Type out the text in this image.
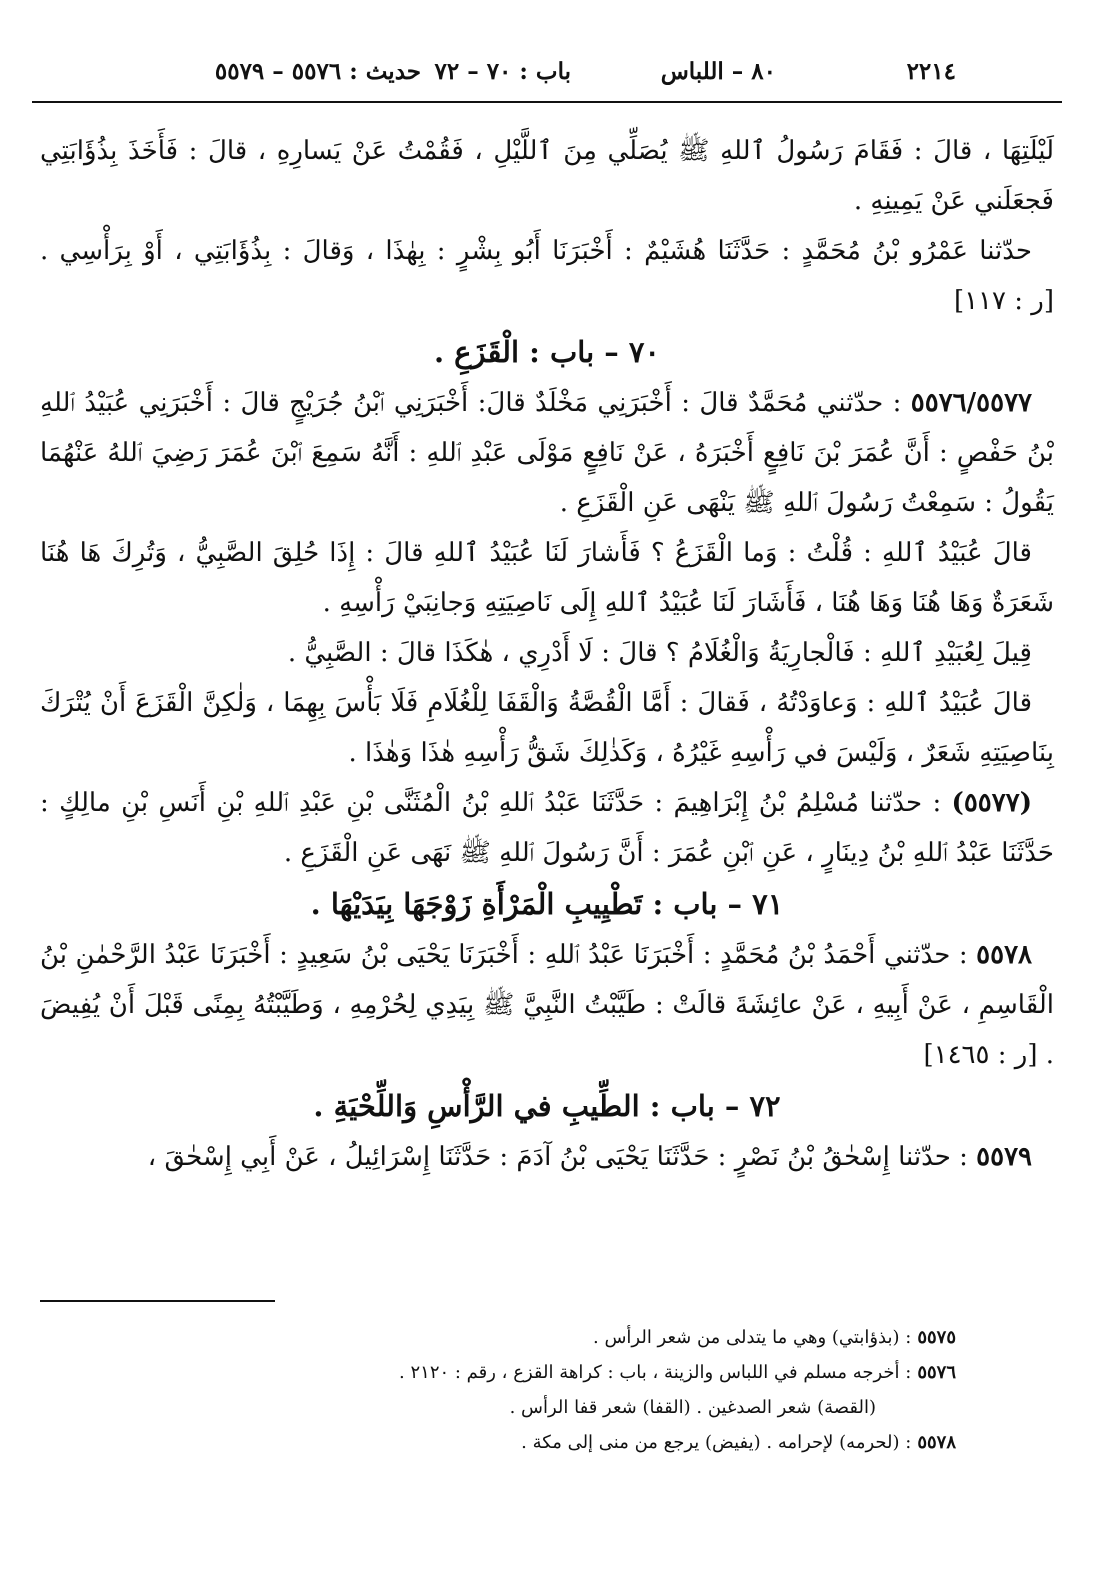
٢٢١٤
٨٠ – اللباس
باب : ٧٠ – ٧٢
حديث : ٥٥٧٦ – ٥٥٧٩

لَيْلَتِهَا ، قالَ : فَقَامَ رَسُولُ ٱللهِ ﷺ يُصَلِّي مِنَ ٱللَّيْلِ ، فَقُمْتُ عَنْ يَسارِهِ ، قالَ : فَأَخَذَ بِذُؤَابَتِي فَجعَلَني عَنْ يَمِينِهِ .

حدّثنا عَمْرُو بْنُ مُحَمَّدٍ : حَدَّثَنَا هُشَيْمٌ : أَخْبَرَنَا أَبُو بِشْرٍ : بِهٰذَا ، وَقالَ : بِذُؤَابَتِي ، أَوْ بِرَأْسِي . [ر : ١١٧]

٧٠ – باب : الْقَزَعِ .

٥٥٧٦/٥٥٧٧ : حدّثني مُحَمَّدٌ قالَ : أَخْبَرَنِي مَخْلَدٌ قالَ: أَخْبَرَنِي ٱبْنُ جُرَيْجٍ قالَ : أَخْبَرَنِي عُبَيْدُ ٱللهِ بْنُ حَفْصٍ : أَنَّ عُمَرَ بْنَ نَافِعٍ أَخْبَرَهُ ، عَنْ نَافِعٍ مَوْلَى عَبْدِ ٱللهِ : أَنَّهُ سَمِعَ ٱبْنَ عُمَرَ رَضِيَ ٱللهُ عَنْهُمَا يَقُولُ : سَمِعْتُ رَسُولَ ٱللهِ ﷺ يَنْهَى عَنِ الْقَزَعِ .

قالَ عُبَيْدُ ٱللهِ : قُلْتُ : وَما الْقَزَعُ ؟ فَأَشارَ لَنَا عُبَيْدُ ٱللهِ قالَ : إِذَا حُلِقَ الصَّبِيُّ ، وَتُرِكَ هَا هُنَا شَعَرَةٌ وَهَا هُنَا وَهَا هُنَا ، فَأَشَارَ لَنَا عُبَيْدُ ٱللهِ إِلَى نَاصِيَتِهِ وَجانِبَيْ رَأْسِهِ .

قِيلَ لِعُبَيْدِ ٱللهِ : فَالْجارِيَةُ وَالْغُلَامُ ؟ قالَ : لَا أَدْرِي ، هٰكَذَا قالَ : الصَّبِيُّ .

قالَ عُبَيْدُ ٱللهِ : وَعاوَدْتُهُ ، فَقالَ : أَمَّا الْقُصَّةُ وَالْقَفَا لِلْغُلَامِ فَلَا بَأْسَ بِهِمَا ، وَلٰكِنَّ الْقَزَعَ أَنْ يُتْرَكَ بِنَاصِيَتِهِ شَعَرٌ ، وَلَيْسَ في رَأْسِهِ غَيْرُهُ ، وَكَذٰلِكَ شَقُّ رَأْسِهِ هٰذَا وَهٰذَا .

(٥٥٧٧) : حدّثنا مُسْلِمُ بْنُ إِبْرَاهِيمَ : حَدَّثَنَا عَبْدُ ٱللهِ بْنُ الْمُثَنَّى بْنِ عَبْدِ ٱللهِ بْنِ أَنَسِ بْنِ مالِكٍ : حَدَّثَنَا عَبْدُ ٱللهِ بْنُ دِينَارٍ ، عَنِ ٱبْنِ عُمَرَ : أَنَّ رَسُولَ ٱللهِ ﷺ نَهَى عَنِ الْقَزَعِ .

٧١ – باب : تَطْيِيبِ الْمَرْأَةِ زَوْجَهَا بِيَدَيْهَا .

٥٥٧٨ : حدّثني أَحْمَدُ بْنُ مُحَمَّدٍ : أَخْبَرَنَا عَبْدُ ٱللهِ : أَخْبَرَنَا يَحْيَى بْنُ سَعِيدٍ : أَخْبَرَنَا عَبْدُ الرَّحْمٰنِ بْنُ الْقَاسِمِ ، عَنْ أَبِيهِ ، عَنْ عائِشَةَ قالَتْ : طَيَّبْتُ النَّبِيَّ ﷺ بِيَدِي لِحُرْمِهِ ، وَطَيَّبْتُهُ بِمِنًى قَبْلَ أَنْ يُفِيضَ . [ر : ١٤٦٥]

٧٢ – باب : الطِّيبِ في الرَّأْسِ وَاللِّحْيَةِ .

٥٥٧٩ : حدّثنا إِسْحٰقُ بْنُ نَصْرٍ : حَدَّثَنَا يَحْيَى بْنُ آدَمَ : حَدَّثَنَا إِسْرَائِيلُ ، عَنْ أَبِي إِسْحٰقَ ،

٥٥٧٥: (بذؤابتي) وهي ما يتدلى من شعر الرأس .
٥٥٧٦: أخرجه مسلم في اللباس والزينة ، باب : كراهة القزع ، رقم : ٢١٢٠ .
(القصة) شعر الصدغين . (القفا) شعر قفا الرأس .
٥٥٧٨: (لحرمه) لإحرامه . (يفيض) يرجع من منى إلى مكة .
